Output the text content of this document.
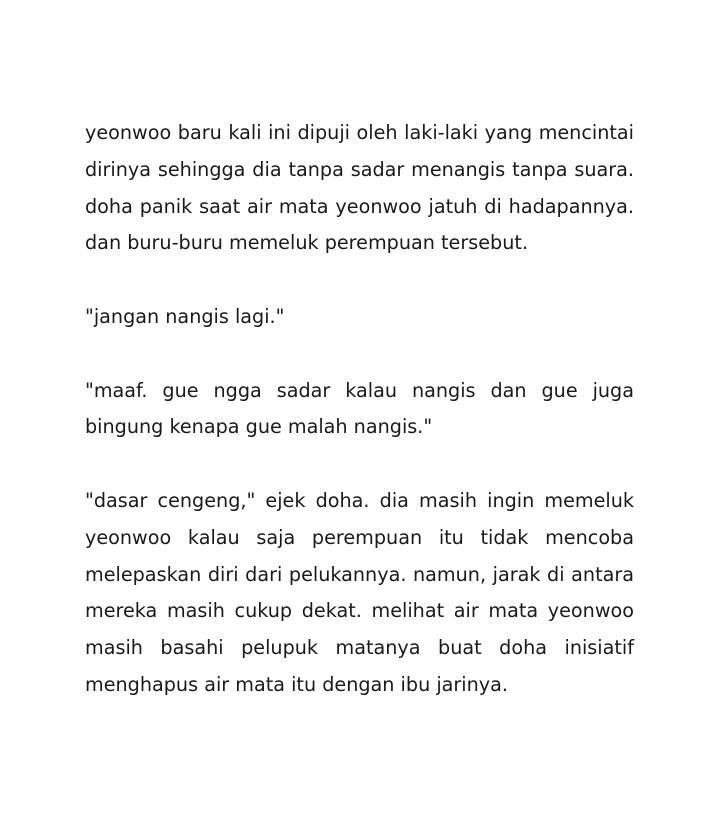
yeonwoo baru kali ini dipuji oleh laki-laki yang mencintai dirinya sehingga dia tanpa sadar menangis tanpa suara. doha panik saat air mata yeonwoo jatuh di hadapannya. dan buru-buru memeluk perempuan tersebut.

"jangan nangis lagi."

"maaf. gue ngga sadar kalau nangis dan gue juga bingung kenapa gue malah nangis."

"dasar cengeng," ejek doha. dia masih ingin memeluk yeonwoo kalau saja perempuan itu tidak mencoba melepaskan diri dari pelukannya. namun, jarak di antara mereka masih cukup dekat. melihat air mata yeonwoo masih basahi pelupuk matanya buat doha inisiatif menghapus air mata itu dengan ibu jarinya.
